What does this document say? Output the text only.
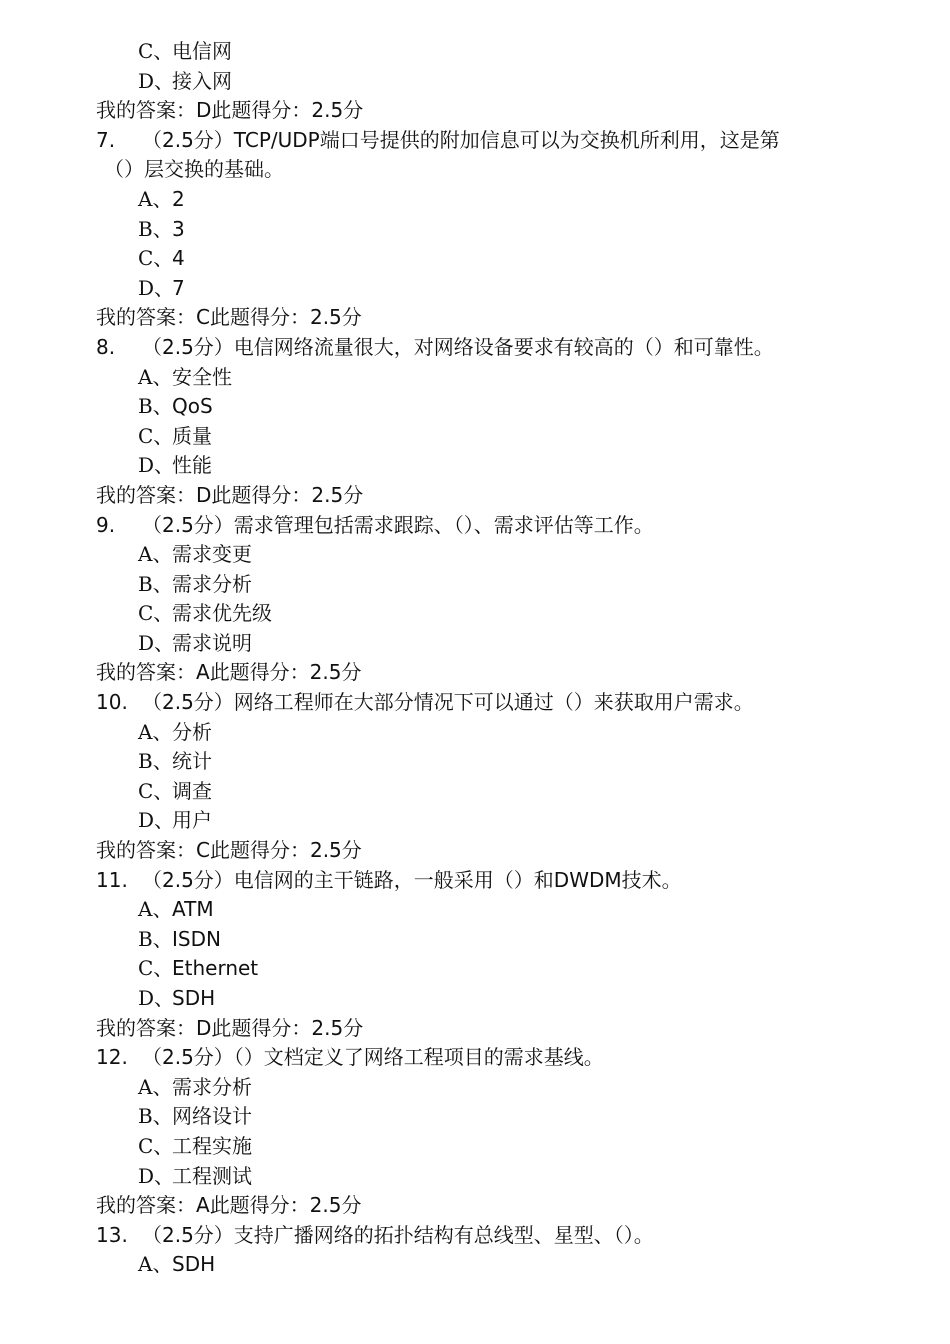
C、电信网
D、接入网
我的答案：D此题得分：2.5分
7. （2.5分）TCP/UDP端口号提供的附加信息可以为交换机所利用，这是第
（）层交换的基础。
A、2
B、3
C、4
D、7
我的答案：C此题得分：2.5分
8. （2.5分）电信网络流量很大，对网络设备要求有较高的（）和可靠性。
A、安全性
B、QoS
C、质量
D、性能
我的答案：D此题得分：2.5分
9. （2.5分）需求管理包括需求跟踪、（）、需求评估等工作。
A、需求变更
B、需求分析
C、需求优先级
D、需求说明
我的答案：A此题得分：2.5分
10. （2.5分）网络工程师在大部分情况下可以通过（）来获取用户需求。
A、分析
B、统计
C、调查
D、用户
我的答案：C此题得分：2.5分
11. （2.5分）电信网的主干链路，一般采用（）和DWDM技术。
A、ATM
B、ISDN
C、Ethernet
D、SDH
我的答案：D此题得分：2.5分
12. （2.5分）（）文档定义了网络工程项目的需求基线。
A、需求分析
B、网络设计
C、工程实施
D、工程测试
我的答案：A此题得分：2.5分
13. （2.5分）支持广播网络的拓扑结构有总线型、星型、（）。
A、SDH
